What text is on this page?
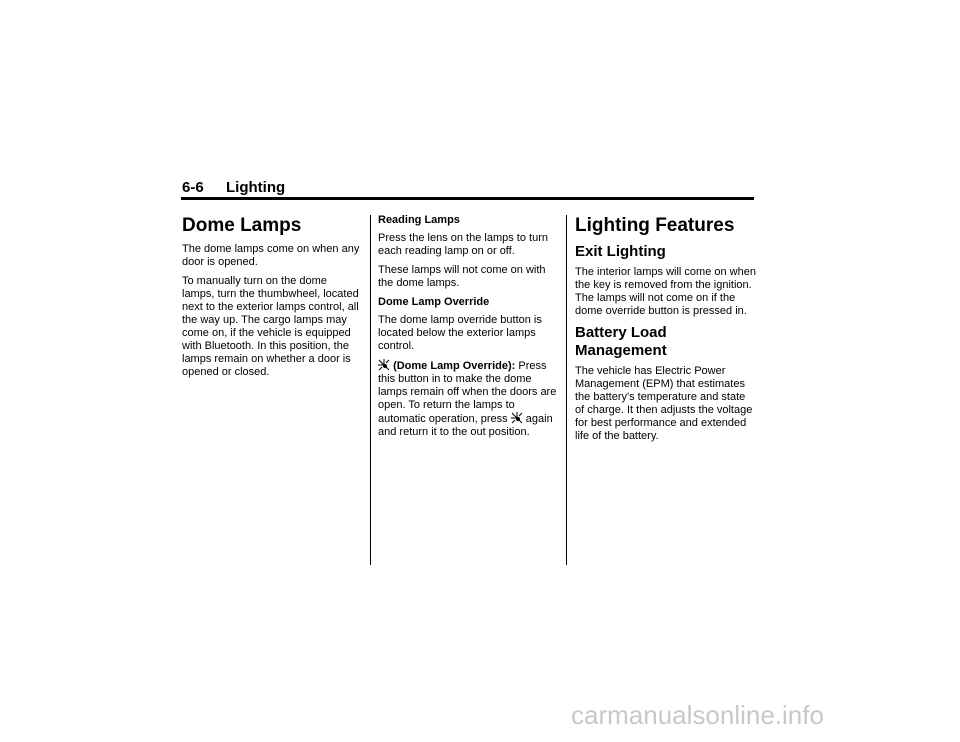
6-6 Lighting
Dome Lamps

The dome lamps come on when any door is opened.

To manually turn on the dome lamps, turn the thumbwheel, located next to the exterior lamps control, all the way up. The cargo lamps may come on, if the vehicle is equipped with Bluetooth. In this position, the lamps remain on whether a door is opened or closed.

Reading Lamps

Press the lens on the lamps to turn each reading lamp on or off.

These lamps will not come on with the dome lamps.

Dome Lamp Override

The dome lamp override button is located below the exterior lamps control.

(Dome Lamp Override): Press this button in to make the dome lamps remain off when the doors are open. To return the lamps to automatic operation, press again and return it to the out position.

Lighting Features
Exit Lighting

The interior lamps will come on when the key is removed from the ignition. The lamps will not come on if the dome override button is pressed in.

Battery Load Management

The vehicle has Electric Power Management (EPM) that estimates the battery's temperature and state of charge. It then adjusts the voltage for best performance and extended life of the battery.

carmanualsonline.info
